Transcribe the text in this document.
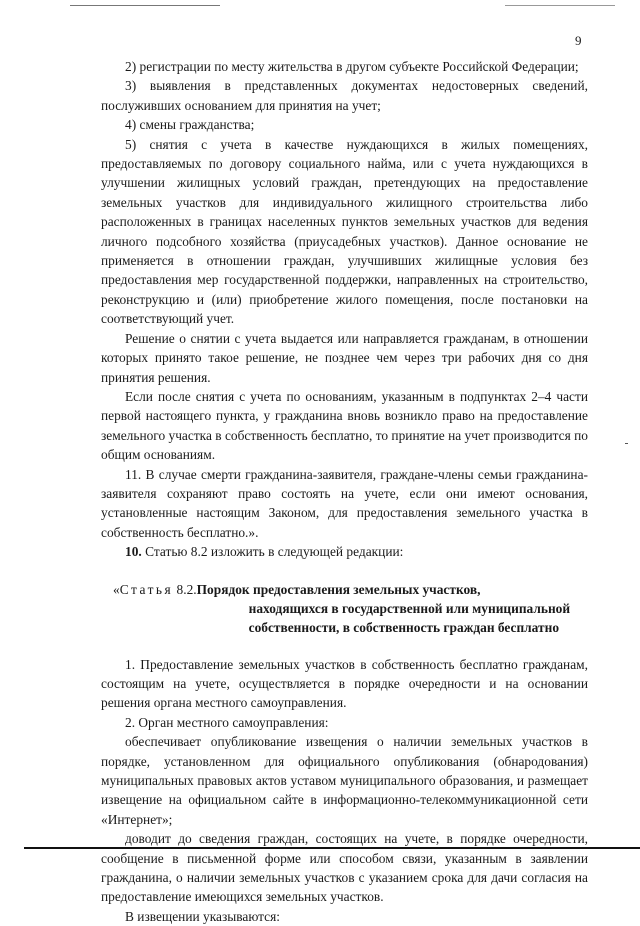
9

2) регистрации по месту жительства в другом субъекте Российской Федерации;

3) выявления в представленных документах недостоверных сведений, послуживших основанием для принятия на учет;

4) смены гражданства;

5) снятия с учета в качестве нуждающихся в жилых помещениях, предоставляемых по договору социального найма, или с учета нуждающихся в улучшении жилищных условий граждан, претендующих на предоставление земельных участков для индивидуального жилищного строительства либо расположенных в границах населенных пунктов земельных участков для ведения личного подсобного хозяйства (приусадебных участков). Данное основание не применяется в отношении граждан, улучшивших жилищные условия без предоставления мер государственной поддержки, направленных на строительство, реконструкцию и (или) приобретение жилого помещения, после постановки на соответствующий учет.

Решение о снятии с учета выдается или направляется гражданам, в отношении которых принято такое решение, не позднее чем через три рабочих дня со дня принятия решения.

Если после снятия с учета по основаниям, указанным в подпунктах 2–4 части первой настоящего пункта, у гражданина вновь возникло право на предоставление земельного участка в собственность бесплатно, то принятие на учет производится по общим основаниям.

11. В случае смерти гражданина-заявителя, граждане-члены семьи гражданина-заявителя сохраняют право состоять на учете, если они имеют основания, установленные настоящим Законом, для предоставления земельного участка в собственность бесплатно.».

10. Статью 8.2 изложить в следующей редакции:

«Статья 8.2. Порядок предоставления земельных участков,
находящихся в государственной или муниципальной
собственности, в собственность граждан бесплатно

1. Предоставление земельных участков в собственность бесплатно гражданам, состоящим на учете, осуществляется в порядке очередности и на основании решения органа местного самоуправления.

2. Орган местного самоуправления:

обеспечивает опубликование извещения о наличии земельных участков в порядке, установленном для официального опубликования (обнародования) муниципальных правовых актов уставом муниципального образования, и размещает извещение на официальном сайте в информационно-телекоммуникационной сети «Интернет»;

доводит до сведения граждан, состоящих на учете, в порядке очередности, сообщение в письменной форме или способом связи, указанным в заявлении гражданина, о наличии земельных участков с указанием срока для дачи согласия на предоставление имеющихся земельных участков.

В извещении указываются:
